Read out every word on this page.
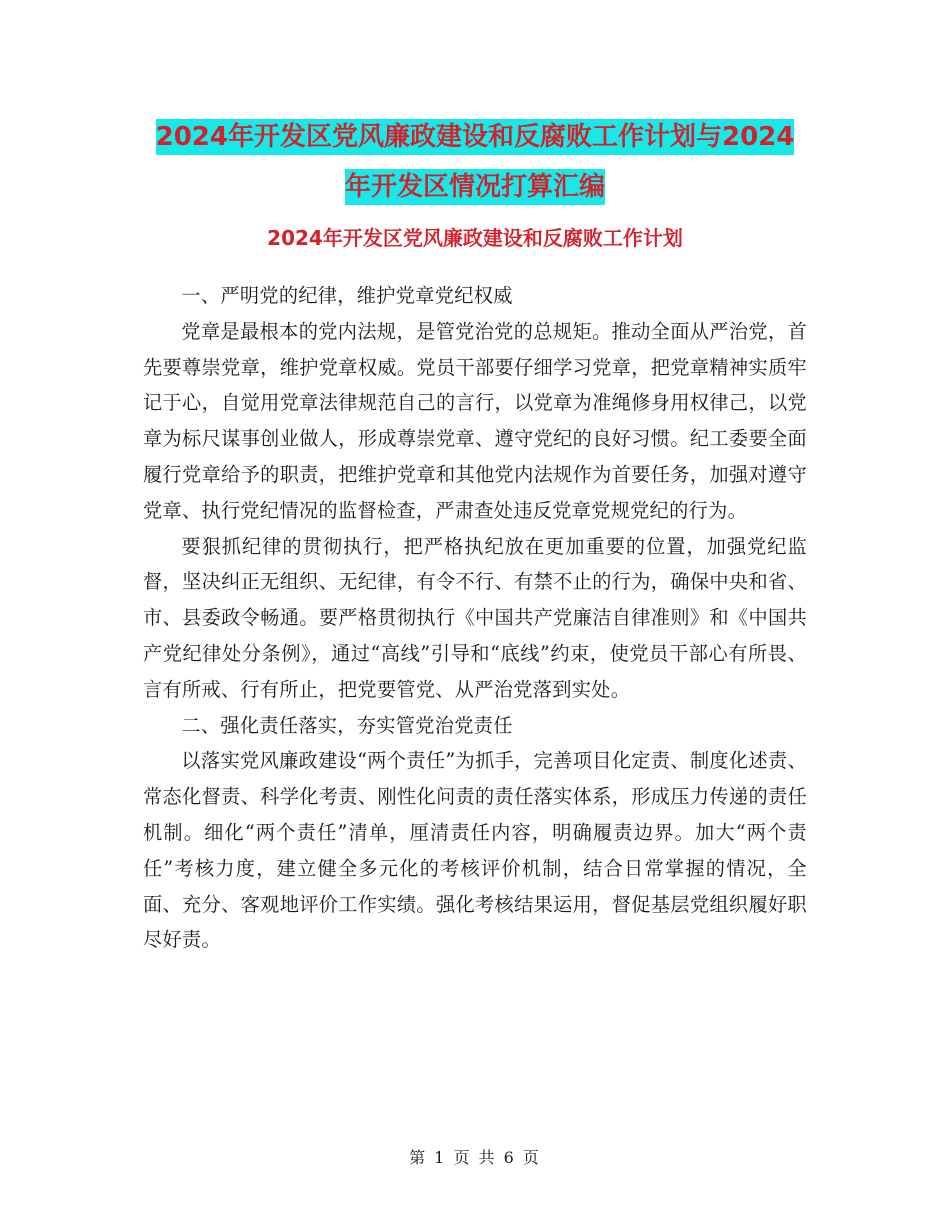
2024年开发区党风廉政建设和反腐败工作计划与2024
年开发区情况打算汇编
2024年开发区党风廉政建设和反腐败工作计划

一、严明党的纪律，维护党章党纪权威

党章是最根本的党内法规，是管党治党的总规矩。推动全面从严治党，首先要尊崇党章，维护党章权威。党员干部要仔细学习党章，把党章精神实质牢记于心，自觉用党章法律规范自己的言行，以党章为准绳修身用权律己，以党章为标尺谋事创业做人，形成尊崇党章、遵守党纪的良好习惯。纪工委要全面履行党章给予的职责，把维护党章和其他党内法规作为首要任务，加强对遵守党章、执行党纪情况的监督检查，严肃查处违反党章党规党纪的行为。

要狠抓纪律的贯彻执行，把严格执纪放在更加重要的位置，加强党纪监督，坚决纠正无组织、无纪律，有令不行、有禁不止的行为，确保中央和省、市、县委政令畅通。要严格贯彻执行《中国共产党廉洁自律准则》和《中国共产党纪律处分条例》，通过“高线”引导和“底线”约束，使党员干部心有所畏、言有所戒、行有所止，把党要管党、从严治党落到实处。

二、强化责任落实，夯实管党治党责任

以落实党风廉政建设“两个责任”为抓手，完善项目化定责、制度化述责、常态化督责、科学化考责、刚性化问责的责任落实体系，形成压力传递的责任机制。细化“两个责任”清单，厘清责任内容，明确履责边界。加大“两个责任”考核力度，建立健全多元化的考核评价机制，结合日常掌握的情况，全面、充分、客观地评价工作实绩。强化考核结果运用，督促基层党组织履好职尽好责。

第 1 页 共 6 页
